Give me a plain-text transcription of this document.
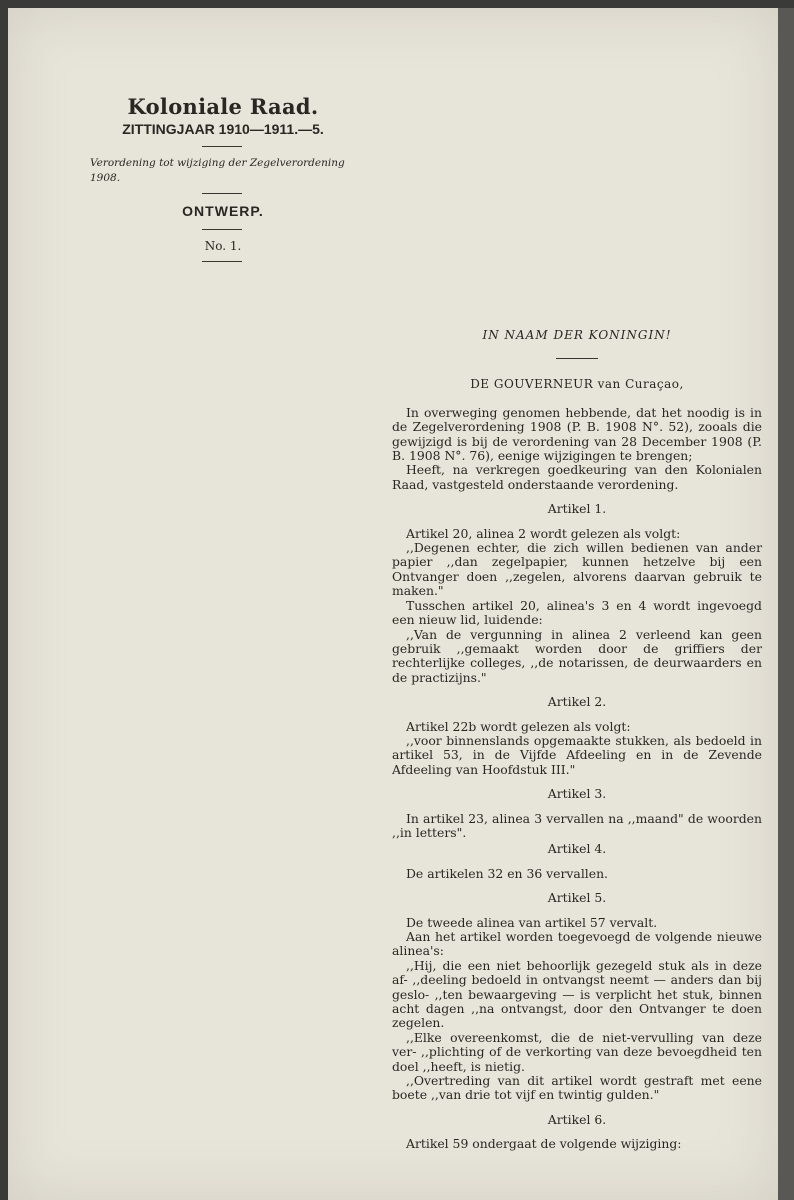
Koloniale Raad.
ZITTINGJAAR 1910—1911.—5.
Verordening tot wijziging der Zegelverordening 1908.
ONTWERP.
No. 1.
IN NAAM DER KONINGIN!
DE GOUVERNEUR van Curaçao,

In overweging genomen hebbende, dat het noodig is in de Zegelverordening 1908 (P. B. 1908 N°. 52), zooals die gewijzigd is bij de verordening van 28 December 1908 (P. B. 1908 N°. 76), eenige wijzigingen te brengen;

Heeft, na verkregen goedkeuring van den Kolonialen Raad, vastgesteld onderstaande verordening.

Artikel 1.

Artikel 20, alinea 2 wordt gelezen als volgt:

,,Degenen echter, die zich willen bedienen van ander papier ,,dan zegelpapier, kunnen hetzelve bij een Ontvanger doen ,,zegelen, alvorens daarvan gebruik te maken."

Tusschen artikel 20, alinea's 3 en 4 wordt ingevoegd een nieuw lid, luidende:

,,Van de vergunning in alinea 2 verleend kan geen gebruik ,,gemaakt worden door de griffiers der rechterlijke colleges, ,,de notarissen, de deurwaarders en de practizijns."

Artikel 2.

Artikel 22b wordt gelezen als volgt:

,,voor binnenslands opgemaakte stukken, als bedoeld in artikel 53, in de Vijfde Afdeeling en in de Zevende Afdeeling van Hoofdstuk III."

Artikel 3.

In artikel 23, alinea 3 vervallen na ,,maand" de woorden ,,in letters".

Artikel 4.

De artikelen 32 en 36 vervallen.

Artikel 5.

De tweede alinea van artikel 57 vervalt.

Aan het artikel worden toegevoegd de volgende nieuwe alinea's:

,,Hij, die een niet behoorlijk gezegeld stuk als in deze af- ,,deeling bedoeld in ontvangst neemt — anders dan bij geslo- ,,ten bewaargeving — is verplicht het stuk, binnen acht dagen ,,na ontvangst, door den Ontvanger te doen zegelen.

,,Elke overeenkomst, die de niet-vervulling van deze ver- ,,plichting of de verkorting van deze bevoegdheid ten doel ,,heeft, is nietig.

,,Overtreding van dit artikel wordt gestraft met eene boete ,,van drie tot vijf en twintig gulden."

Artikel 6.

Artikel 59 ondergaat de volgende wijziging:
